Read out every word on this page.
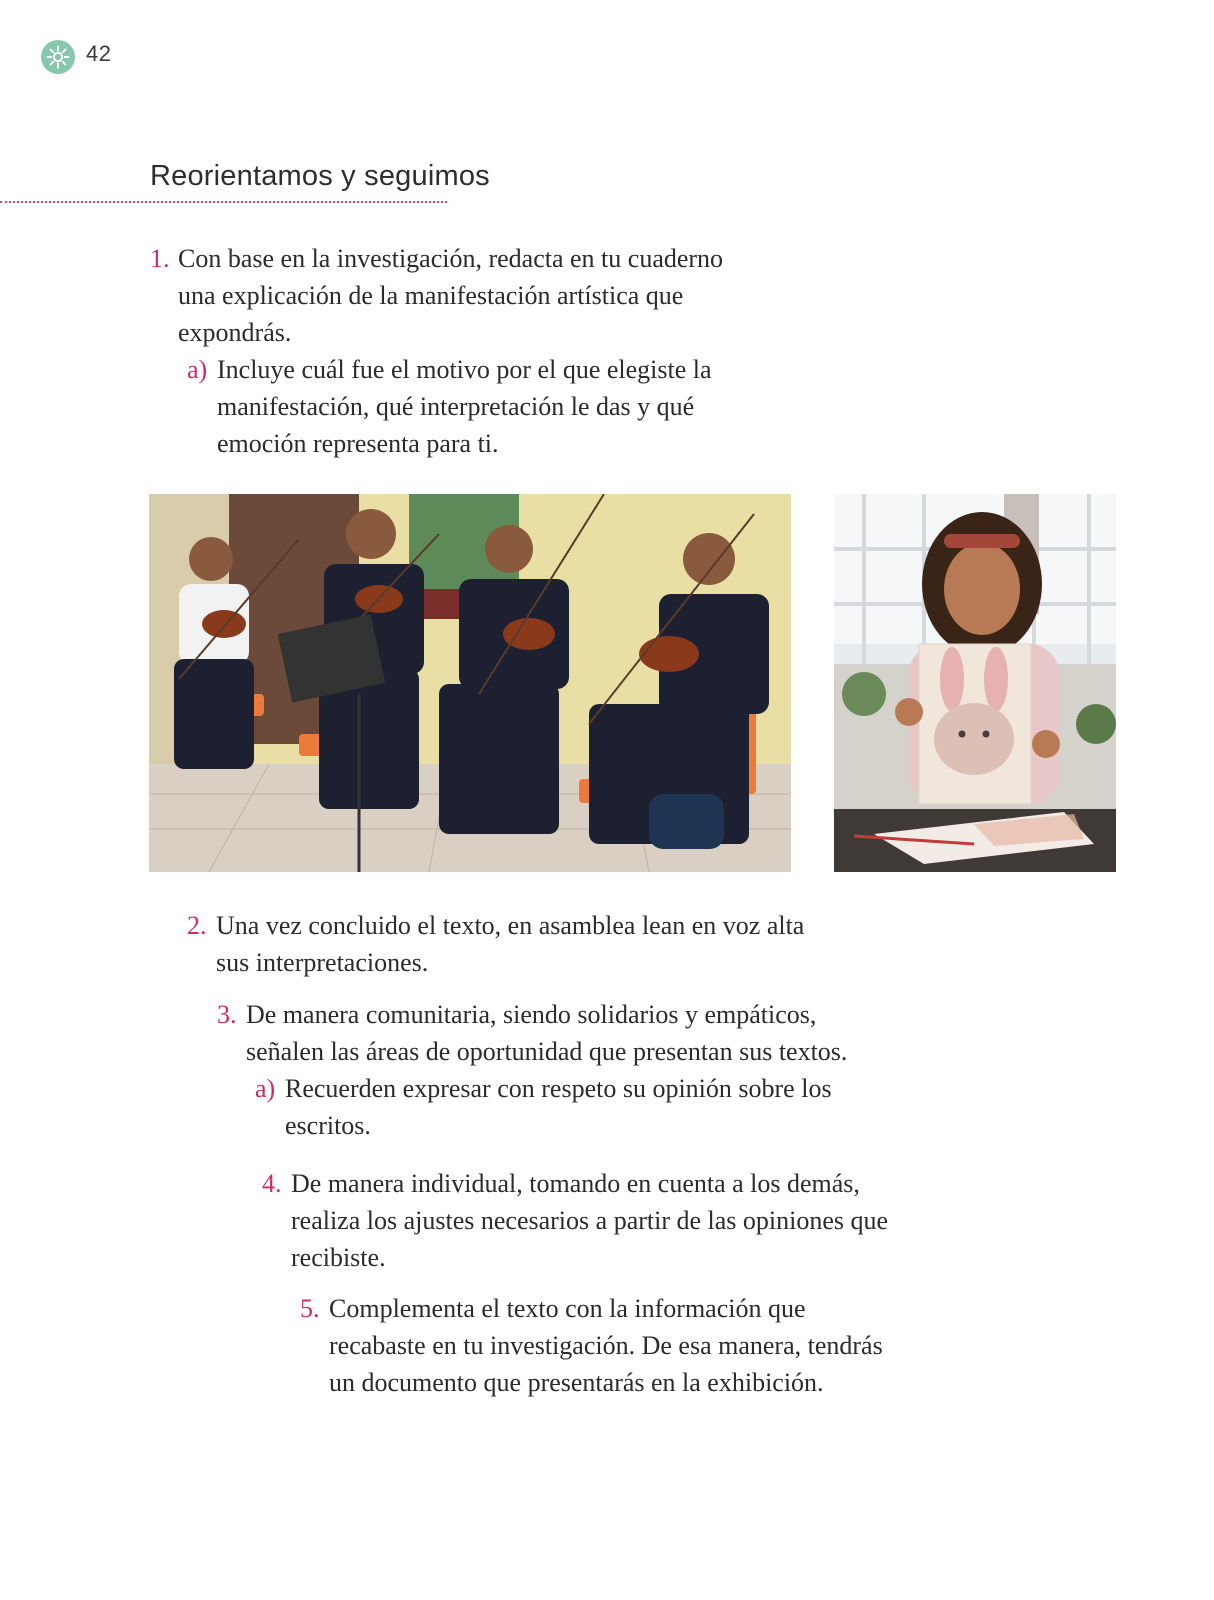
42
Reorientamos y seguimos
1. Con base en la investigación, redacta en tu cuaderno una explicación de la manifestación artística que expondrás.
a) Incluye cuál fue el motivo por el que elegiste la manifestación, qué interpretación le das y qué emoción representa para ti.
2. Una vez concluido el texto, en asamblea lean en voz alta sus interpretaciones.
3. De manera comunitaria, siendo solidarios y empáticos, señalen las áreas de oportunidad que presentan sus textos.
a) Recuerden expresar con respeto su opinión sobre los escritos.
4. De manera individual, tomando en cuenta a los demás, realiza los ajustes necesarios a partir de las opiniones que recibiste.
5. Complementa el texto con la información que recabaste en tu investigación. De esa manera, tendrás un documento que presentarás en la exhibición.
